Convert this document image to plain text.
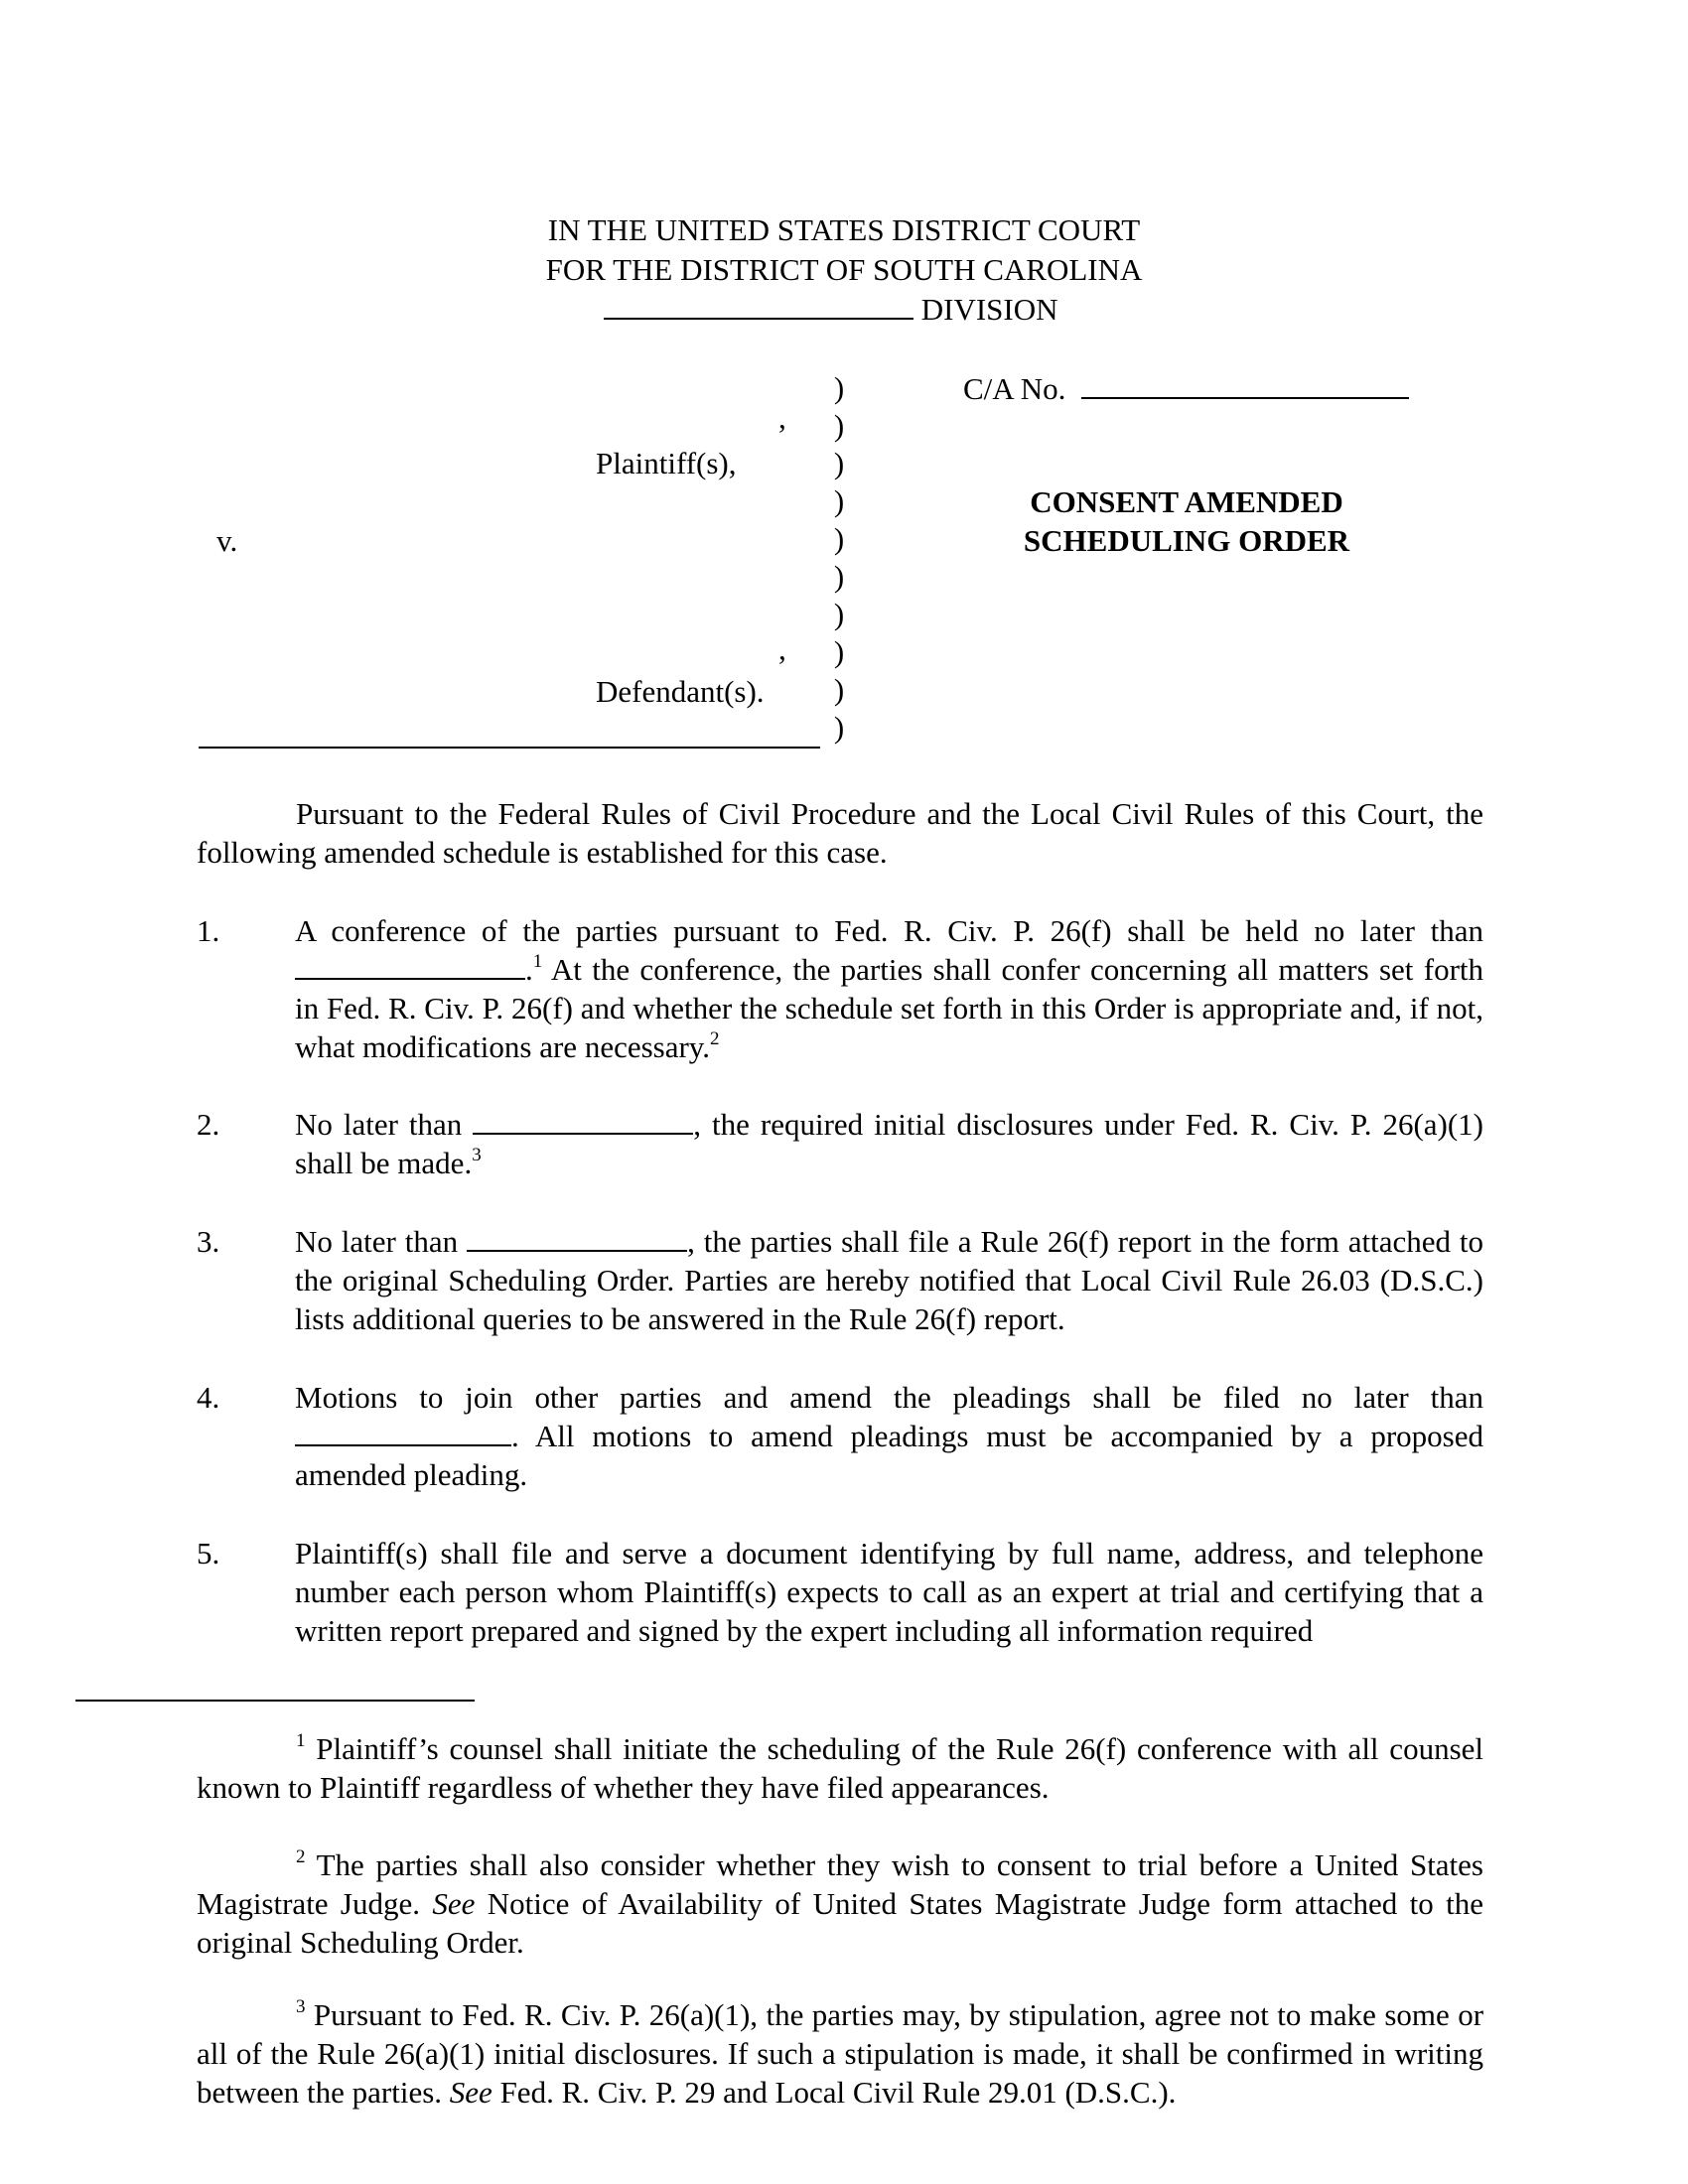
IN THE UNITED STATES DISTRICT COURT
FOR THE DISTRICT OF SOUTH CAROLINA
DIVISION
,
Plaintiff(s),
v.
,
Defendant(s).
)
)
)
)
)
)
)
)
)
)
C/A No.
CONSENT AMENDED
SCHEDULING ORDER
Pursuant to the Federal Rules of Civil Procedure and the Local Civil Rules of this Court, the following amended schedule is established for this case.
1. A conference of the parties pursuant to Fed. R. Civ. P. 26(f) shall be held no later than .$^1$ At the conference, the parties shall confer concerning all matters set forth in Fed. R. Civ. P. 26(f) and whether the schedule set forth in this Order is appropriate and, if not, what modifications are necessary.$^2$
2. No later than	, the required initial disclosures under Fed. R. Civ. P. 26(a)(1) shall be made.$^3$
3. No later than	, the parties shall file a Rule 26(f) report in the form attached to the original Scheduling Order. Parties are hereby notified that Local Civil Rule 26.03 (D.S.C.) lists additional queries to be answered in the Rule 26(f) report.
4. Motions to join other parties and amend the pleadings shall be filed no later than . All motions to amend pleadings must be accompanied by a proposed amended pleading.
5. Plaintiff(s) shall file and serve a document identifying by full name, address, and telephone number each person whom Plaintiff(s) expects to call as an expert at trial and certifying that a written report prepared and signed by the expert including all information required
$^1$ Plaintiff’s counsel shall initiate the scheduling of the Rule 26(f) conference with all counsel known to Plaintiff regardless of whether they have filed appearances.
$^2$ The parties shall also consider whether they wish to consent to trial before a United States Magistrate Judge. See Notice of Availability of United States Magistrate Judge form attached to the original Scheduling Order.
$^3$ Pursuant to Fed. R. Civ. P. 26(a)(1), the parties may, by stipulation, agree not to make some or all of the Rule 26(a)(1) initial disclosures. If such a stipulation is made, it shall be confirmed in writing between the parties. See Fed. R. Civ. P. 29 and Local Civil Rule 29.01 (D.S.C.).
